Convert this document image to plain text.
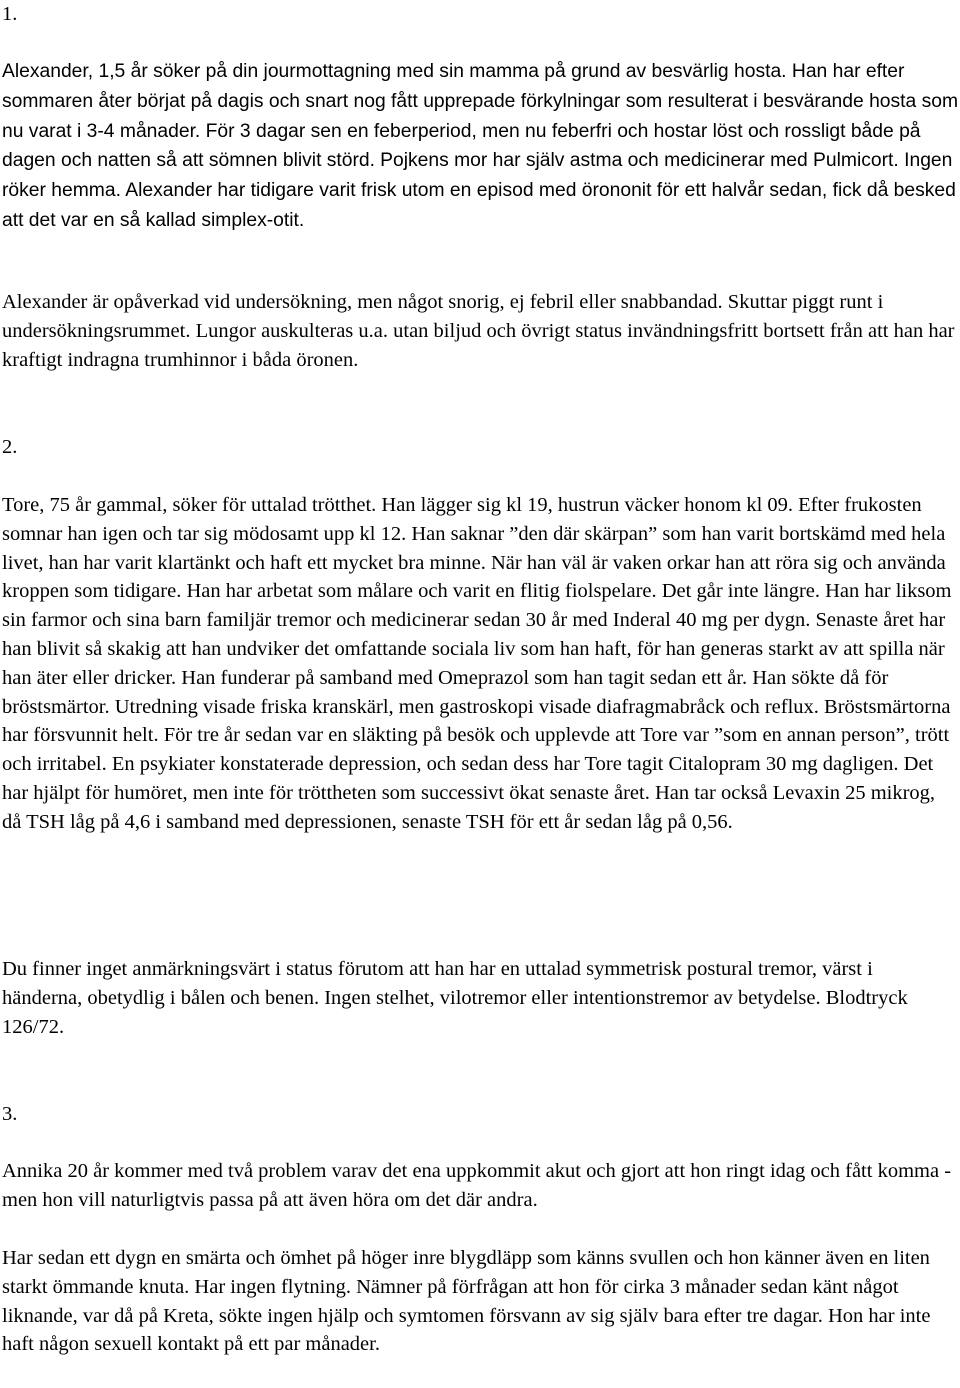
1.

Alexander, 1,5 år söker på din jourmottagning med sin mamma på grund av besvärlig hosta. Han har efter sommaren åter börjat på dagis och snart nog fått upprepade förkylningar som resulterat i besvärande hosta som nu varat i 3-4 månader. För 3 dagar sen en feberperiod, men nu feberfri och hostar löst och rossligt både på dagen och natten så att sömnen blivit störd. Pojkens mor har själv astma och medicinerar med Pulmicort. Ingen röker hemma. Alexander har tidigare varit frisk utom en episod med örononit för ett halvår sedan, fick då besked att det var en så kallad simplex-otit.

Alexander är opåverkad vid undersökning, men något snorig, ej febril eller snabbandad. Skuttar piggt runt i undersökningsrummet. Lungor auskulteras u.a. utan biljud och övrigt status invändningsfritt bortsett från att han har kraftigt indragna trumhinnor i båda öronen.

2.

Tore, 75 år gammal, söker för uttalad trötthet. Han lägger sig kl 19, hustrun väcker honom kl 09. Efter frukosten somnar han igen och tar sig mödosamt upp kl 12. Han saknar ”den där skärpan” som han varit bortskämd med hela livet, han har varit klartänkt och haft ett mycket bra minne. När han väl är vaken orkar han att röra sig och använda kroppen som tidigare. Han har arbetat som målare och varit en flitig fiolspelare. Det går inte längre. Han har liksom sin farmor och sina barn familjär tremor och medicinerar sedan 30 år med Inderal 40 mg per dygn. Senaste året har han blivit så skakig att han undviker det omfattande sociala liv som han haft, för han generas starkt av att spilla när han äter eller dricker. Han funderar på samband med Omeprazol som han tagit sedan ett år. Han sökte då för bröstsmärtor. Utredning visade friska kranskärl, men gastroskopi visade diafragmabråck och reflux. Bröstsmärtorna har försvunnit helt. För tre år sedan var en släkting på besök och upplevde att Tore var ”som en annan person”, trött och irritabel. En psykiater konstaterade depression, och sedan dess har Tore tagit Citalopram 30 mg dagligen. Det har hjälpt för humöret, men inte för tröttheten som successivt ökat senaste året. Han tar också Levaxin 25 mikrog, då TSH låg på 4,6 i samband med depressionen, senaste TSH för ett år sedan låg på 0,56.

Du finner inget anmärkningsvärt i status förutom att han har en uttalad symmetrisk postural tremor, värst i händerna, obetydlig i bålen och benen. Ingen stelhet, vilotremor eller intentionstremor av betydelse. Blodtryck 126/72.

3.

Annika 20 år kommer med två problem varav det ena uppkommit akut och gjort att hon ringt idag och fått komma - men hon vill naturligtvis passa på att även höra om det där andra.

Har sedan ett dygn en smärta och ömhet på höger inre blygdläpp som känns svullen och hon känner även en liten starkt ömmande knuta. Har ingen flytning. Nämner på förfrågan att hon för cirka 3 månader sedan känt något liknande, var då på Kreta, sökte ingen hjälp och symtomen försvann av sig själv bara efter tre dagar. Hon har inte haft någon sexuell kontakt på ett par månader.
